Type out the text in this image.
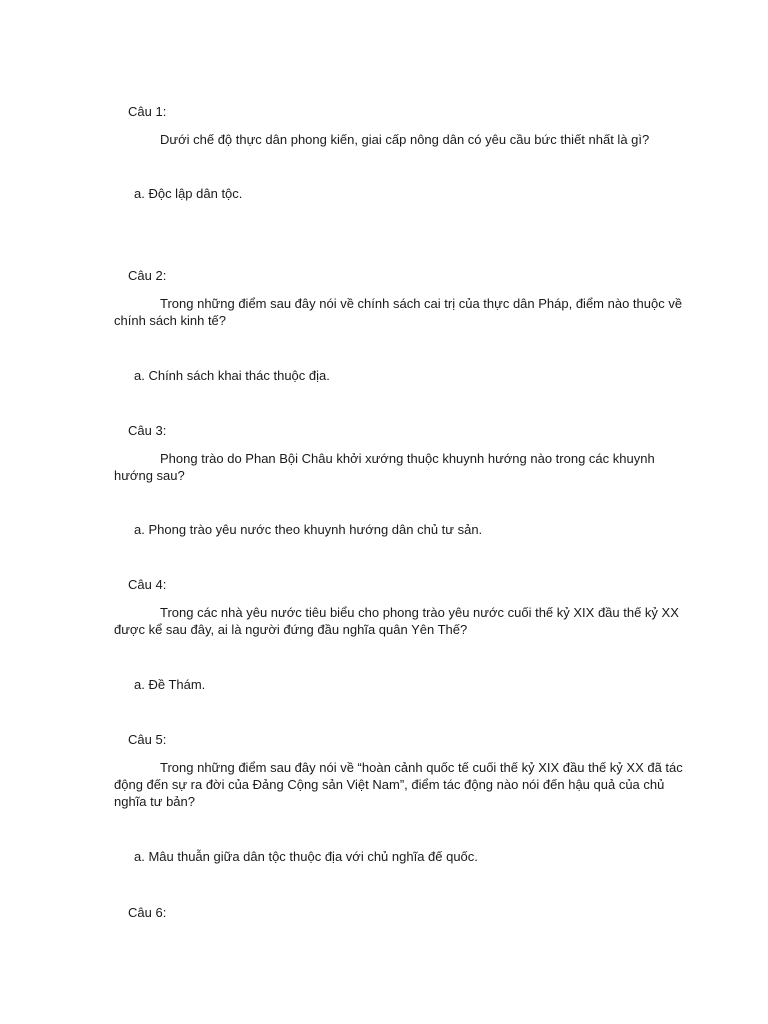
Câu 1:
Dưới chế độ thực dân phong kiến, giai cấp nông dân có yêu cầu bức thiết nhất là gì?
a. Độc lập dân tộc.
Câu 2:
Trong những điểm sau đây nói về chính sách cai trị của thực dân Pháp, điểm nào thuộc về chính sách kinh tế?
a. Chính sách khai thác thuộc địa.
Câu 3:
Phong trào do Phan Bội Châu khởi xướng thuộc khuynh hướng nào trong các khuynh hướng sau?
a. Phong trào yêu nước theo khuynh hướng dân chủ tư sản.
Câu 4:
Trong các nhà yêu nước tiêu biểu cho phong trào yêu nước cuối thế kỷ XIX đầu thế kỷ XX được kể sau đây, ai là người đứng đầu nghĩa quân Yên Thế?
a. Đề Thám.
Câu 5:
Trong những điểm sau đây nói về “hoàn cảnh quốc tế cuối thế kỷ XIX đầu thế kỷ XX đã tác động đến sự ra đời của Đảng Cộng sản Việt Nam”, điểm tác động nào nói đến hậu quả của chủ nghĩa tư bản?
a. Mâu thuẫn giữa dân tộc thuộc địa với chủ nghĩa đế quốc.
Câu 6:
